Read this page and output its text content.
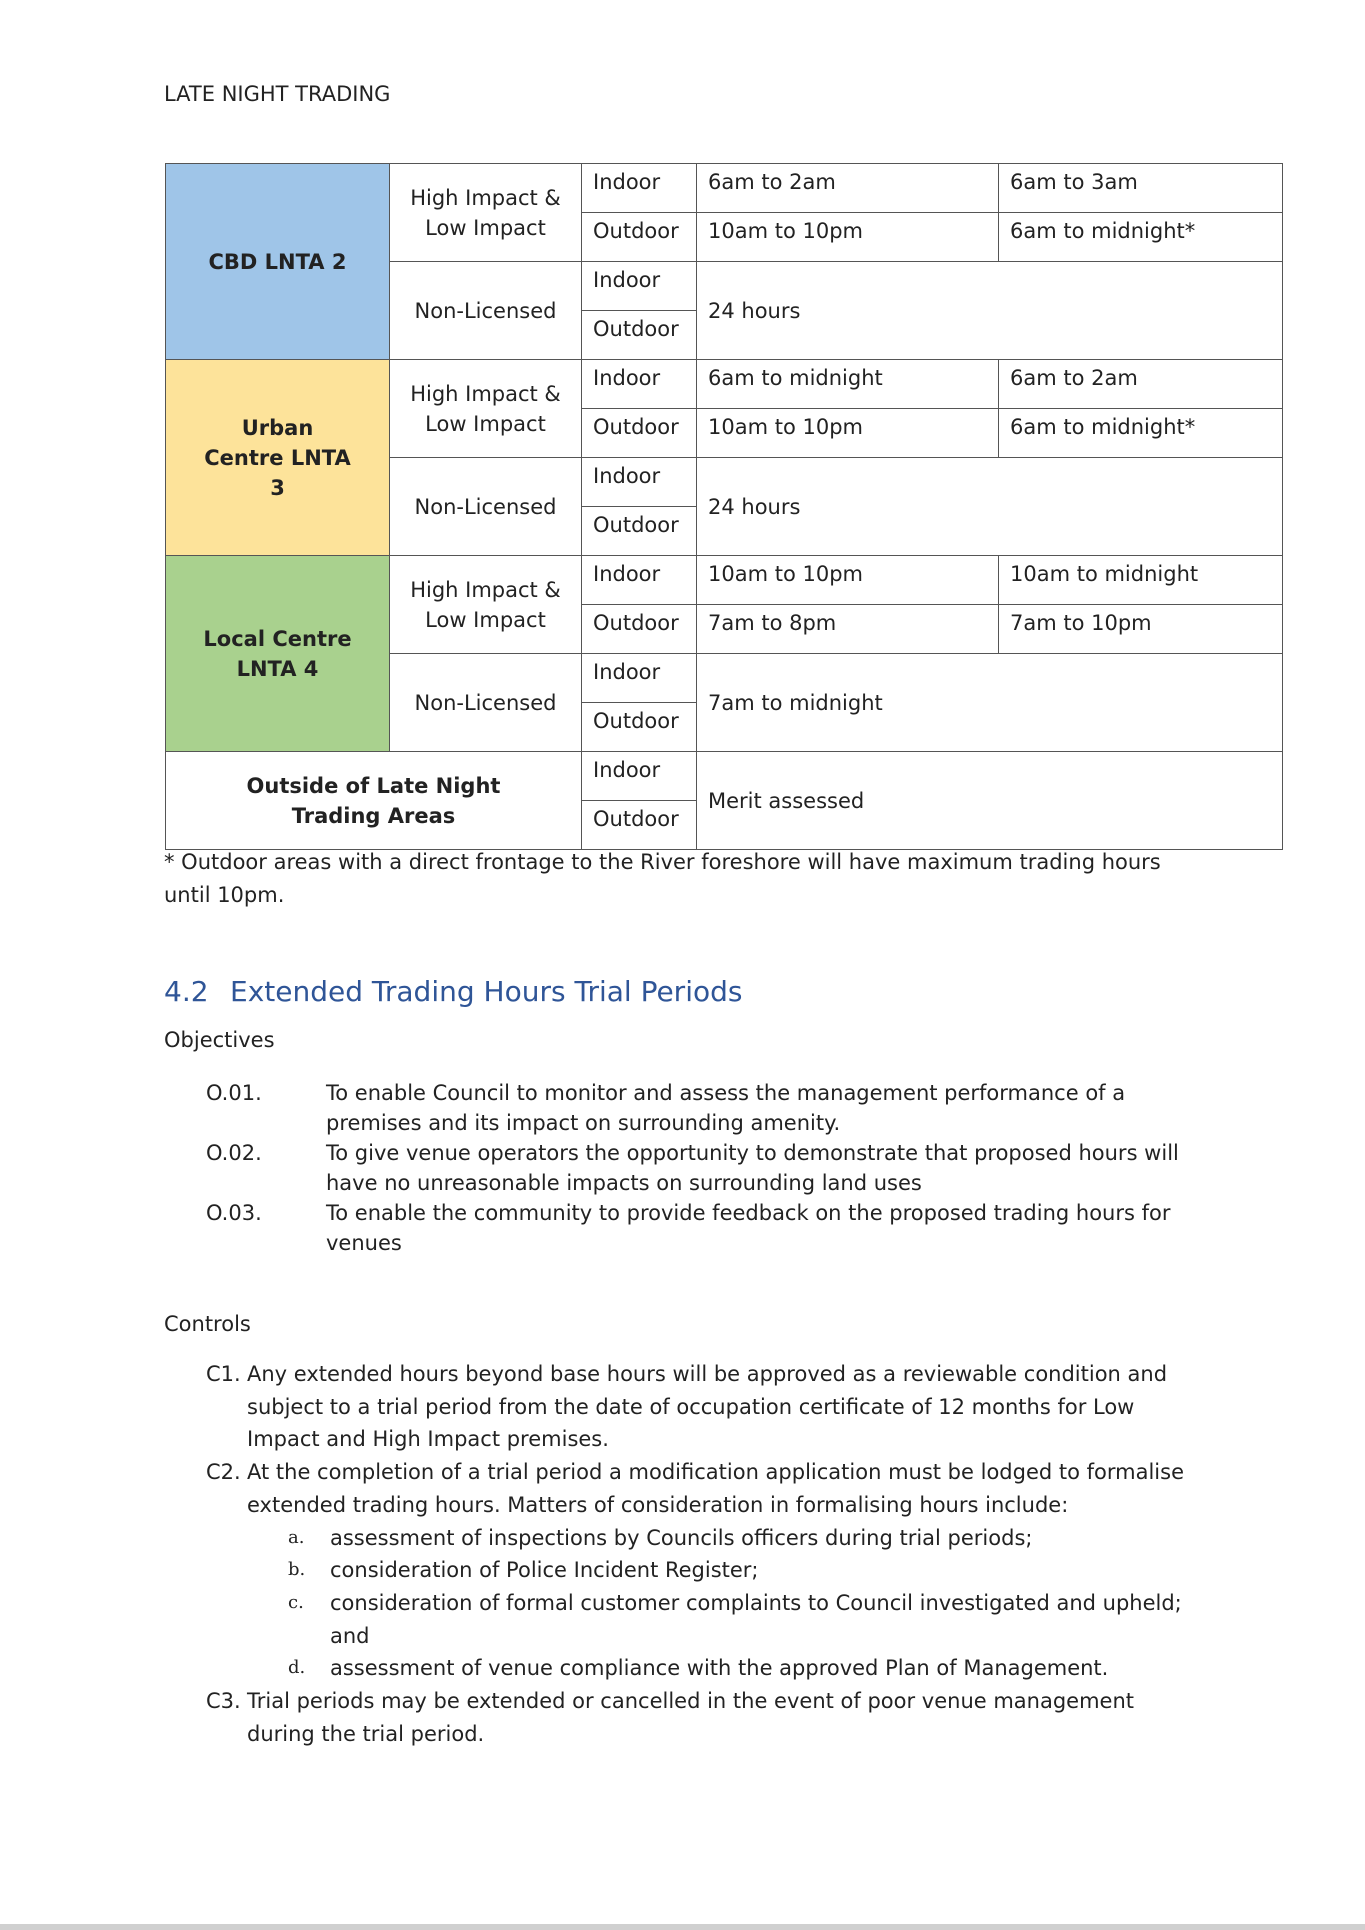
LATE NIGHT TRADING
CBD LNTA 2	High Impact & Low Impact	Indoor	6am to 2am	6am to 3am
		Outdoor	10am to 10pm	6am to midnight*
	Non-Licensed	Indoor	24 hours	
		Outdoor		

Urban Centre LNTA 3	High Impact & Low Impact	Indoor	6am to midnight	6am to 2am
		Outdoor	10am to 10pm	6am to midnight*
	Non-Licensed	Indoor	24 hours	
		Outdoor		

Local Centre LNTA 4	High Impact & Low Impact	Indoor	10am to 10pm	10am to midnight
		Outdoor	7am to 8pm	7am to 10pm
	Non-Licensed	Indoor	7am to midnight	
		Outdoor		

Outside of Late Night Trading Areas		Indoor	Merit assessed	
		Outdoor		
* Outdoor areas with a direct frontage to the River foreshore will have maximum trading hours until 10pm.
4.2 Extended Trading Hours Trial Periods
Objectives
O.01.	To enable Council to monitor and assess the management performance of a premises and its impact on surrounding amenity.
O.02.	To give venue operators the opportunity to demonstrate that proposed hours will have no unreasonable impacts on surrounding land uses
O.03.	To enable the community to provide feedback on the proposed trading hours for venues
Controls
C1. Any extended hours beyond base hours will be approved as a reviewable condition and subject to a trial period from the date of occupation certificate of 12 months for Low Impact and High Impact premises.
C2. At the completion of a trial period a modification application must be lodged to formalise extended trading hours. Matters of consideration in formalising hours include:
a. assessment of inspections by Councils officers during trial periods;
b. consideration of Police Incident Register;
c. consideration of formal customer complaints to Council investigated and upheld; and
d. assessment of venue compliance with the approved Plan of Management.
C3. Trial periods may be extended or cancelled in the event of poor venue management during the trial period.
